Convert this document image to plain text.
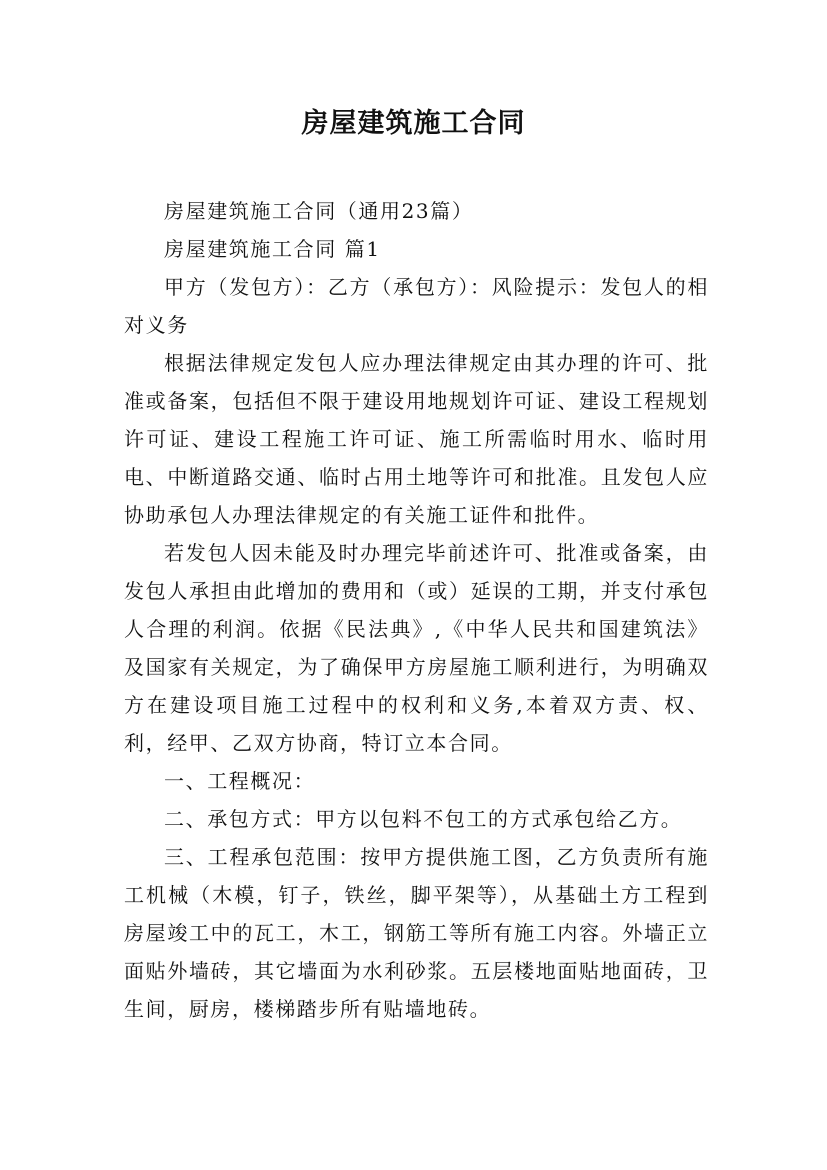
房屋建筑施工合同

房屋建筑施工合同（通用23篇）

房屋建筑施工合同 篇1

甲方（发包方）：乙方（承包方）：风险提示：发包人的相对义务

根据法律规定发包人应办理法律规定由其办理的许可、批准或备案，包括但不限于建设用地规划许可证、建设工程规划许可证、建设工程施工许可证、施工所需临时用水、临时用电、中断道路交通、临时占用土地等许可和批准。且发包人应协助承包人办理法律规定的有关施工证件和批件。

若发包人因未能及时办理完毕前述许可、批准或备案，由发包人承担由此增加的费用和（或）延误的工期，并支付承包人合理的利润。依据《民法典》,《中华人民共和国建筑法》及国家有关规定，为了确保甲方房屋施工顺利进行，为明确双方在建设项目施工过程中的权利和义务,本着双方责、权、利，经甲、乙双方协商，特订立本合同。

一、工程概况：

二、承包方式：甲方以包料不包工的方式承包给乙方。

三、工程承包范围：按甲方提供施工图，乙方负责所有施工机械（木模，钉子，铁丝，脚平架等），从基础土方工程到房屋竣工中的瓦工，木工，钢筋工等所有施工内容。外墙正立面贴外墙砖，其它墙面为水利砂浆。五层楼地面贴地面砖，卫生间，厨房，楼梯踏步所有贴墙地砖。
